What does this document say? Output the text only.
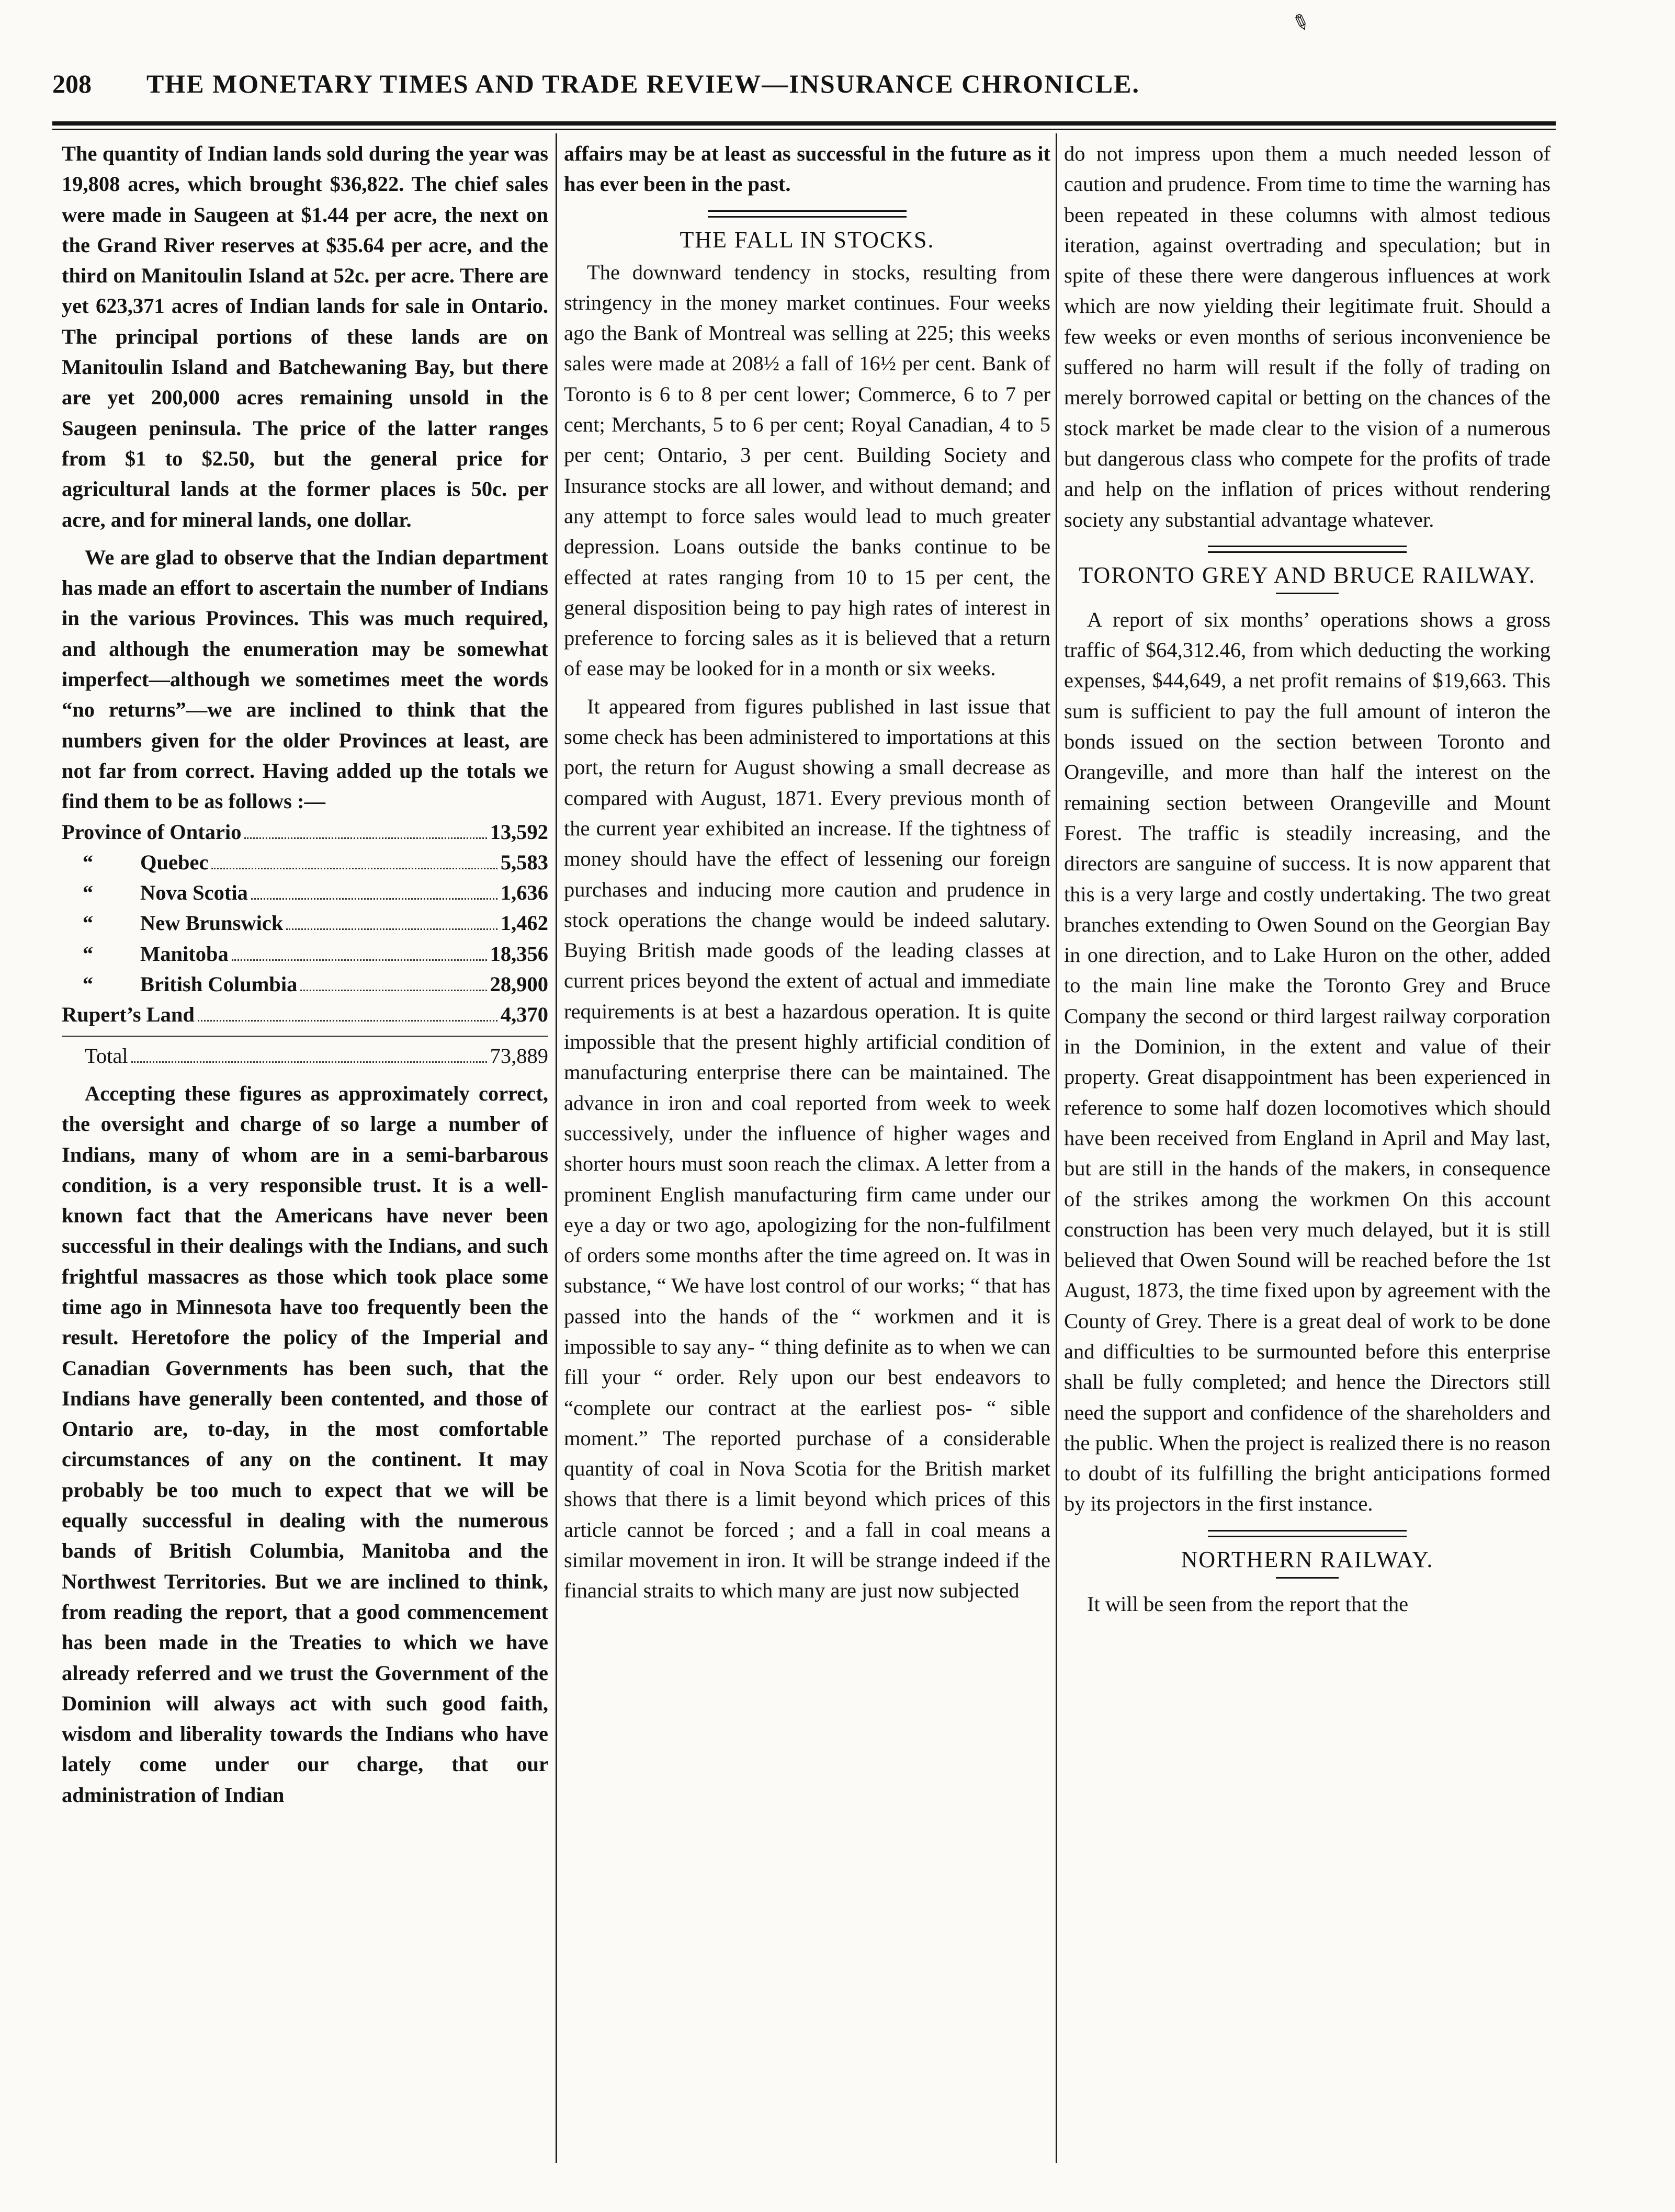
✎
208	THE MONETARY TIMES AND TRADE REVIEW—INSURANCE CHRONICLE.

The quantity of Indian lands sold during the year was 19,808 acres, which brought $36,822. The chief sales were made in Saugeen at $1.44 per acre, the next on the Grand River reserves at $35.64 per acre, and the third on Manitoulin Island at 52c. per acre. There are yet 623,371 acres of Indian lands for sale in Ontario. The principal portions of these lands are on Manitoulin Island and Batchewaning Bay, but there are yet 200,000 acres remaining unsold in the Saugeen peninsula. The price of the latter ranges from $1 to $2.50, but the general price for agricultural lands at the former places is 50c. per acre, and for mineral lands, one dollar.

We are glad to observe that the Indian department has made an effort to ascertain the number of Indians in the various Provinces. This was much required, and although the enumeration may be somewhat imperfect—although we sometimes meet the words “no returns”—we are inclined to think that the numbers given for the older Provinces at least, are not far from correct. Having added up the totals we find them to be as follows :—

Province of Ontario	13,592
“	Quebec	5,583
“	Nova Scotia	1,636
“	New Brunswick	1,462
“	Manitoba	18,356
“	British Columbia	28,900
Rupert’s Land	4,370
Total	73,889

Accepting these figures as approximately correct, the oversight and charge of so large a number of Indians, many of whom are in a semi-barbarous condition, is a very responsible trust. It is a well-known fact that the Americans have never been successful in their dealings with the Indians, and such frightful massacres as those which took place some time ago in Minnesota have too frequently been the result. Heretofore the policy of the Imperial and Canadian Governments has been such, that the Indians have generally been contented, and those of Ontario are, to-day, in the most comfortable circumstances of any on the continent. It may probably be too much to expect that we will be equally successful in dealing with the numerous bands of British Columbia, Manitoba and the Northwest Territories. But we are inclined to think, from reading the report, that a good commencement has been made in the Treaties to which we have already referred and we trust the Government of the Dominion will always act with such good faith, wisdom and liberality towards the Indians who have lately come under our charge, that our administration of Indian

affairs may be at least as successful in the future as it has ever been in the past.

THE FALL IN STOCKS.

The downward tendency in stocks, resulting from stringency in the money market continues. Four weeks ago the Bank of Montreal was selling at 225; this weeks sales were made at 208½ a fall of 16½ per cent. Bank of Toronto is 6 to 8 per cent lower; Commerce, 6 to 7 per cent; Merchants, 5 to 6 per cent; Royal Canadian, 4 to 5 per cent; Ontario, 3 per cent. Building Society and Insurance stocks are all lower, and without demand; and any attempt to force sales would lead to much greater depression. Loans outside the banks continue to be effected at rates ranging from 10 to 15 per cent, the general disposition being to pay high rates of interest in preference to forcing sales as it is believed that a return of ease may be looked for in a month or six weeks.

It appeared from figures published in last issue that some check has been administered to importations at this port, the return for August showing a small decrease as compared with August, 1871. Every previous month of the current year exhibited an increase. If the tightness of money should have the effect of lessening our foreign purchases and inducing more caution and prudence in stock operations the change would be indeed salutary. Buying British made goods of the leading classes at current prices beyond the extent of actual and immediate requirements is at best a hazardous operation. It is quite impossible that the present highly artificial condition of manufacturing enterprise there can be maintained. The advance in iron and coal reported from week to week successively, under the influence of higher wages and shorter hours must soon reach the climax. A letter from a prominent English manufacturing firm came under our eye a day or two ago, apologizing for the non-fulfilment of orders some months after the time agreed on. It was in substance, “ We have lost control of our works; “ that has passed into the hands of the “ workmen and it is impossible to say any- “ thing definite as to when we can fill your “ order. Rely upon our best endeavors to “complete our contract at the earliest pos- “ sible moment.” The reported purchase of a considerable quantity of coal in Nova Scotia for the British market shows that there is a limit beyond which prices of this article cannot be forced ; and a fall in coal means a similar movement in iron. It will be strange indeed if the financial straits to which many are just now subjected

do not impress upon them a much needed lesson of caution and prudence. From time to time the warning has been repeated in these columns with almost tedious iteration, against overtrading and speculation; but in spite of these there were dangerous influences at work which are now yielding their legitimate fruit. Should a few weeks or even months of serious inconvenience be suffered no harm will result if the folly of trading on merely borrowed capital or betting on the chances of the stock market be made clear to the vision of a numerous but dangerous class who compete for the profits of trade and help on the inflation of prices without rendering society any substantial advantage whatever.

TORONTO GREY AND BRUCE RAILWAY.

A report of six months’ operations shows a gross traffic of $64,312.46, from which deducting the working expenses, $44,649, a net profit remains of $19,663. This sum is sufficient to pay the full amount of interon the bonds issued on the section between Toronto and Orangeville, and more than half the interest on the remaining section between Orangeville and Mount Forest. The traffic is steadily increasing, and the directors are sanguine of success. It is now apparent that this is a very large and costly undertaking. The two great branches extending to Owen Sound on the Georgian Bay in one direction, and to Lake Huron on the other, added to the main line make the Toronto Grey and Bruce Company the second or third largest railway corporation in the Dominion, in the extent and value of their property. Great disappointment has been experienced in reference to some half dozen locomotives which should have been received from England in April and May last, but are still in the hands of the makers, in consequence of the strikes among the workmen On this account construction has been very much delayed, but it is still believed that Owen Sound will be reached before the 1st August, 1873, the time fixed upon by agreement with the County of Grey. There is a great deal of work to be done and difficulties to be surmounted before this enterprise shall be fully completed; and hence the Directors still need the support and confidence of the shareholders and the public. When the project is realized there is no reason to doubt of its fulfilling the bright anticipations formed by its projectors in the first instance.

NORTHERN RAILWAY.

It will be seen from the report that the
